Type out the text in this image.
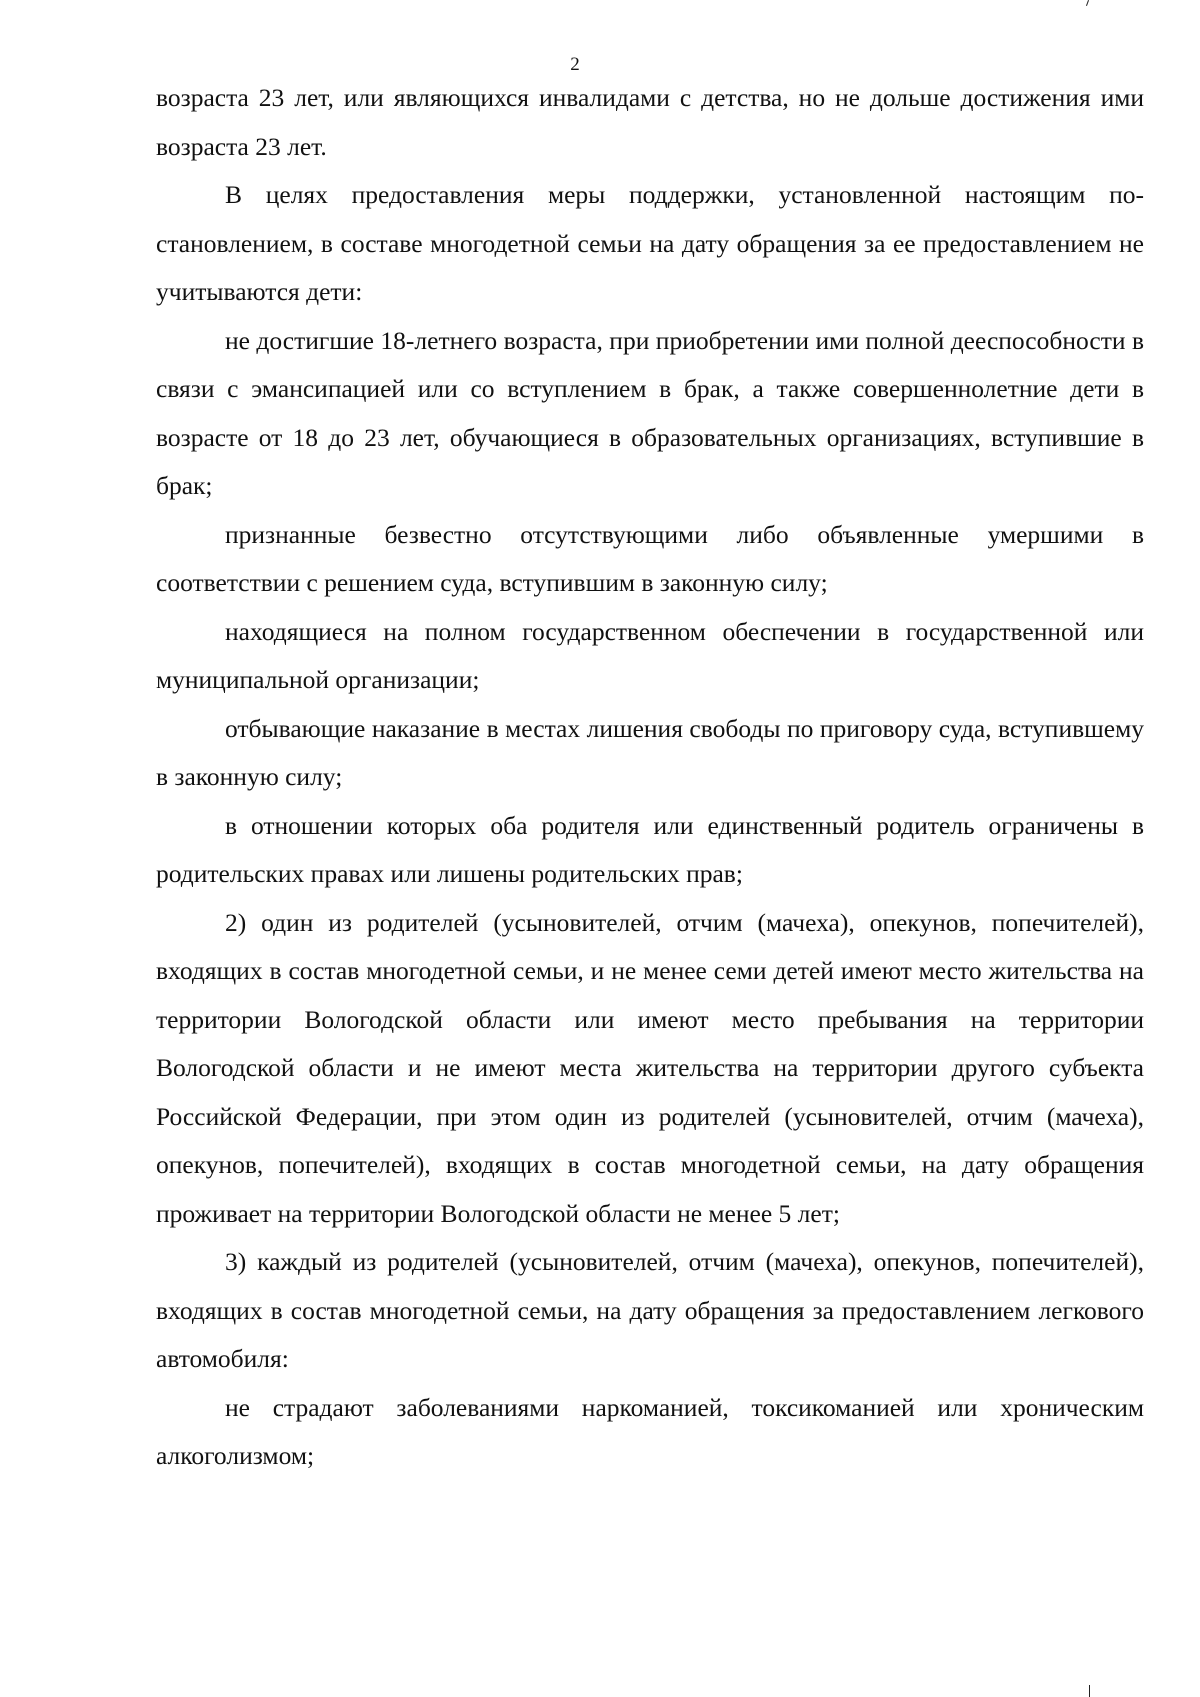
2

возраста 23 лет, или являющихся инвалидами с детства, но не дольше достижения ими возраста 23 лет.

В целях предоставления меры поддержки, установленной настоящим постановлением, в составе многодетной семьи на дату обращения за ее предоставлением не учитываются дети:

не достигшие 18-летнего возраста, при приобретении ими полной дееспособности в связи с эмансипацией или со вступлением в брак, а также совершеннолетние дети в возрасте от 18 до 23 лет, обучающиеся в образовательных организациях, вступившие в брак;

признанные безвестно отсутствующими либо объявленные умершими в соответствии с решением суда, вступившим в законную силу;

находящиеся на полном государственном обеспечении в государственной или муниципальной организации;

отбывающие наказание в местах лишения свободы по приговору суда, вступившему в законную силу;

в отношении которых оба родителя или единственный родитель ограничены в родительских правах или лишены родительских прав;

2) один из родителей (усыновителей, отчим (мачеха), опекунов, попечителей), входящих в состав многодетной семьи, и не менее семи детей имеют место жительства на территории Вологодской области или имеют место пребывания на территории Вологодской области и не имеют места жительства на территории другого субъекта Российской Федерации, при этом один из родителей (усыновителей, отчим (мачеха), опекунов, попечителей), входящих в состав многодетной семьи, на дату обращения проживает на территории Вологодской области не менее 5 лет;

3) каждый из родителей (усыновителей, отчим (мачеха), опекунов, попечителей), входящих в состав многодетной семьи, на дату обращения за предоставлением легкового автомобиля:

не страдают заболеваниями наркоманией, токсикоманией или хроническим алкоголизмом;
